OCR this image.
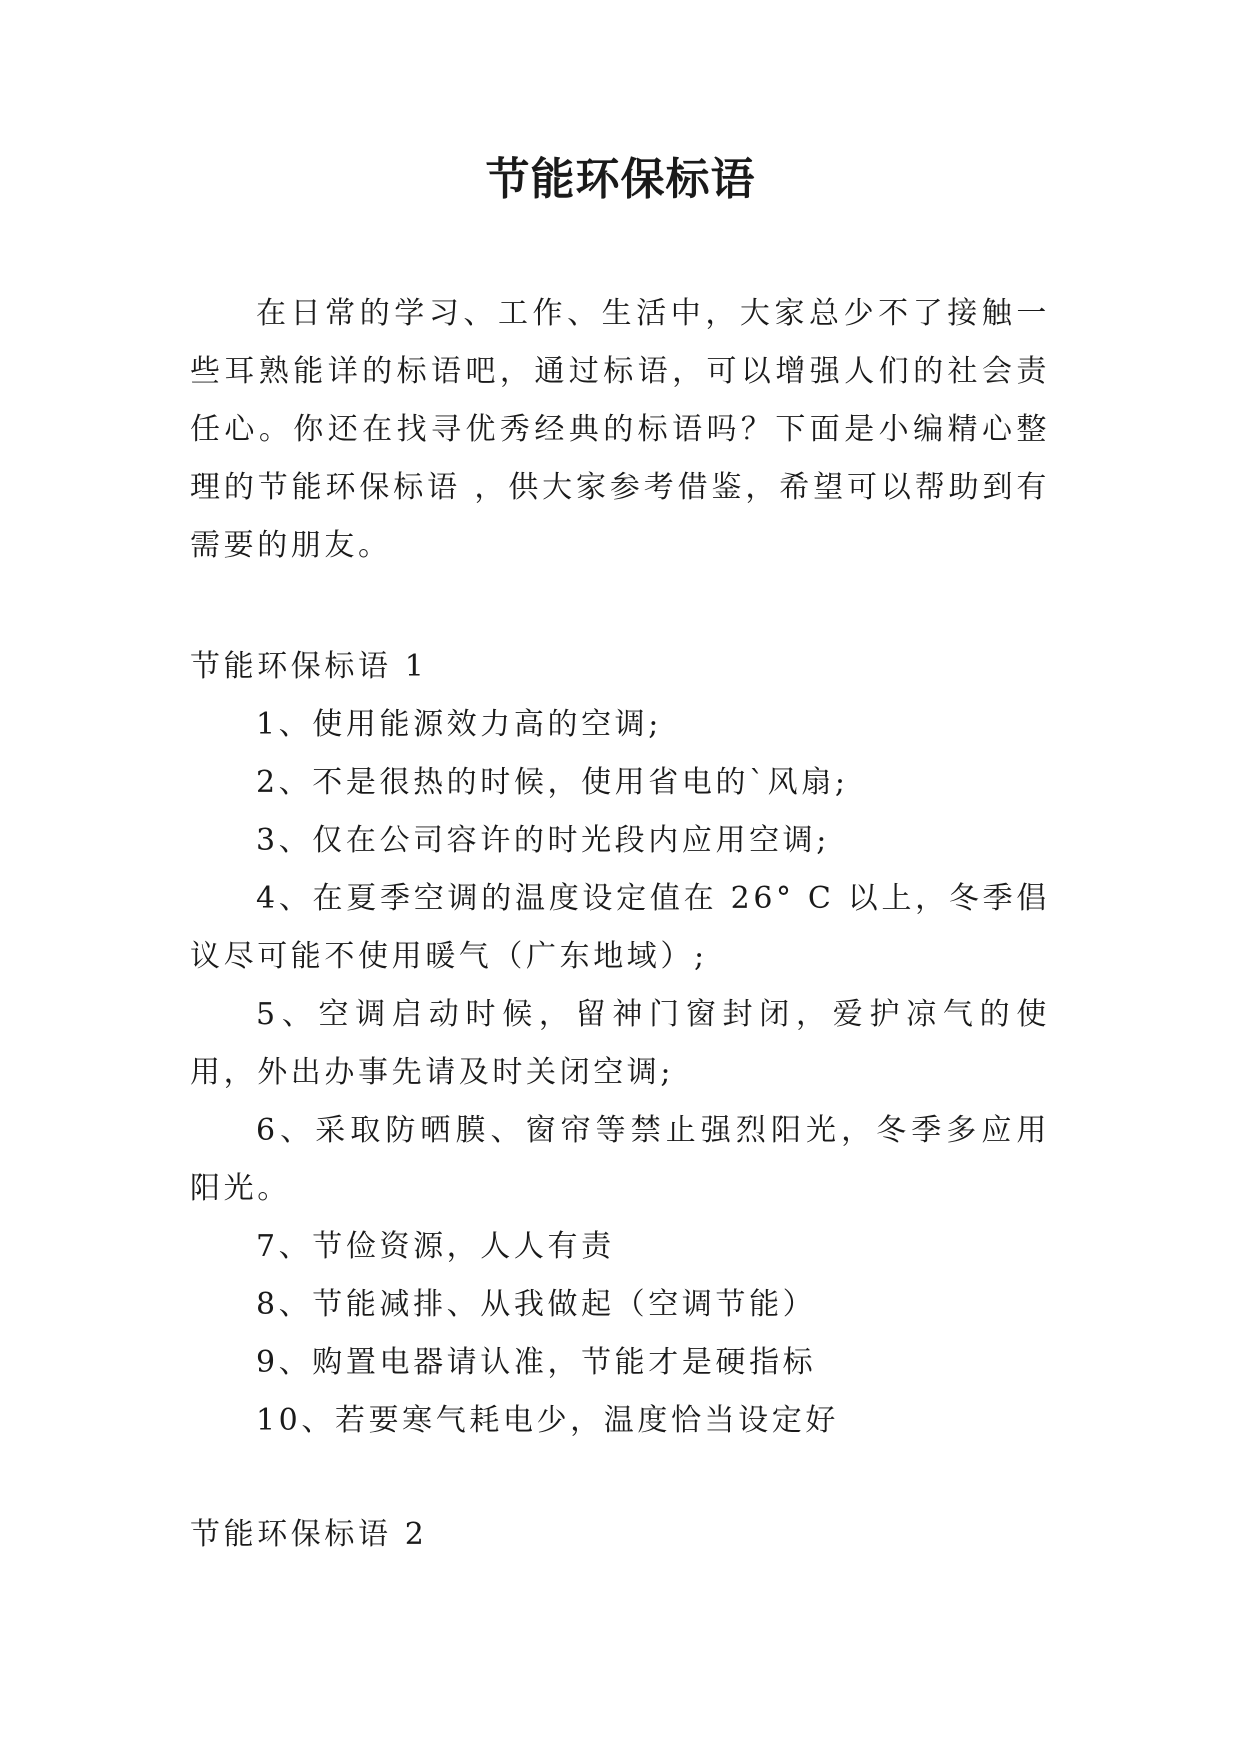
节能环保标语

在日常的学习、工作、生活中，大家总少不了接触一些耳熟能详的标语吧，通过标语，可以增强人们的社会责任心。你还在找寻优秀经典的标语吗？下面是小编精心整理的节能环保标语 ，供大家参考借鉴，希望可以帮助到有需要的朋友。

节能环保标语 1
1、使用能源效力高的空调;
2、不是很热的时候，使用省电的`风扇;
3、仅在公司容许的时光段内应用空调;
4、在夏季空调的温度设定值在 26° C 以上，冬季倡议尽可能不使用暖气（广东地域）;
5、空调启动时候，留神门窗封闭，爱护凉气的使用，外出办事先请及时关闭空调;
6、采取防晒膜、窗帘等禁止强烈阳光，冬季多应用阳光。
7、节俭资源，人人有责
8、节能减排、从我做起（空调节能）
9、购置电器请认准，节能才是硬指标
10、若要寒气耗电少，温度恰当设定好
节能环保标语 2
